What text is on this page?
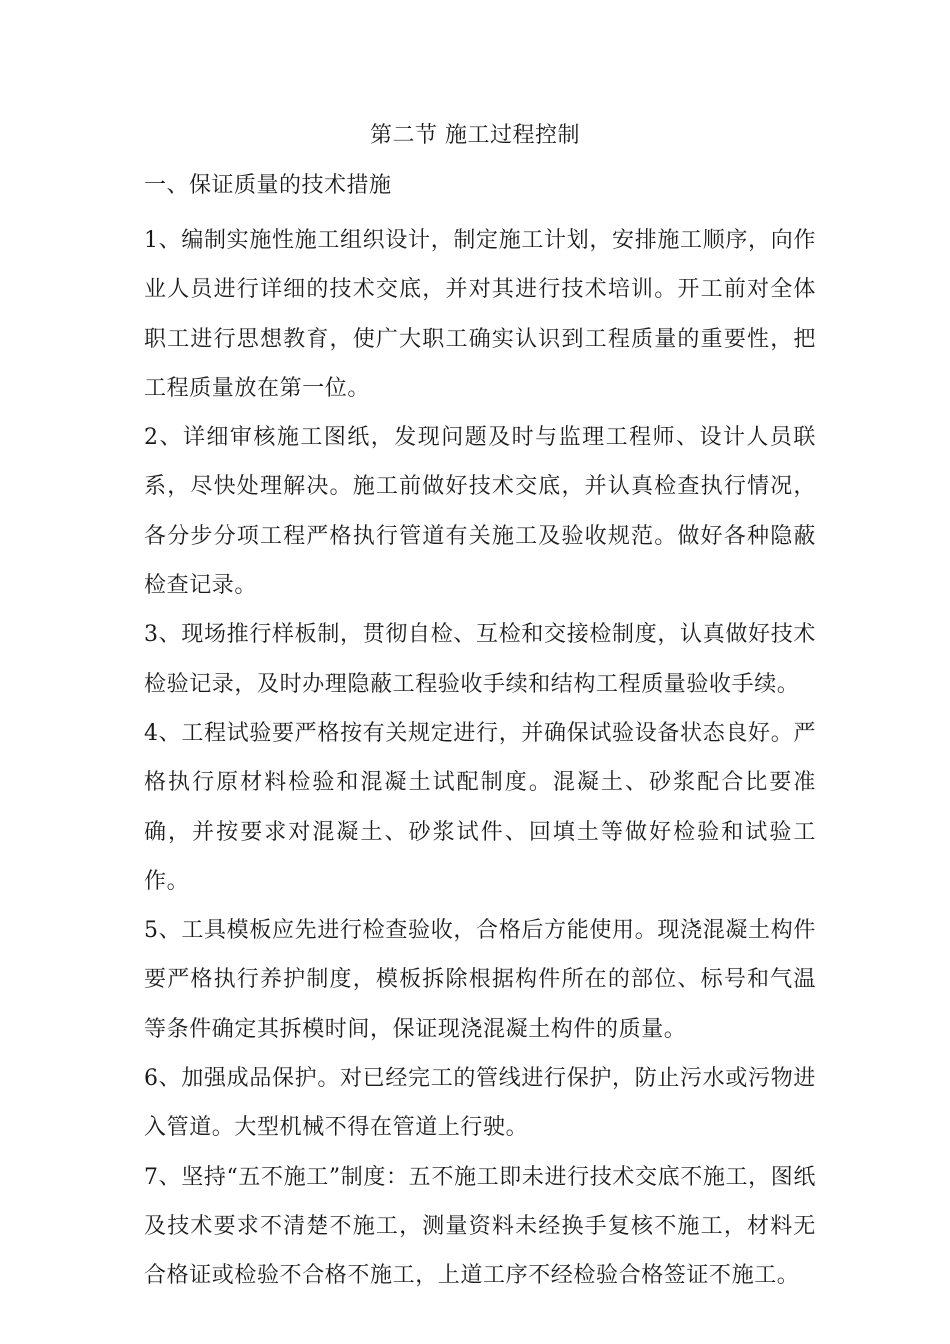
第二节 施工过程控制
一、保证质量的技术措施

1、编制实施性施工组织设计，制定施工计划，安排施工顺序，向作业人员进行详细的技术交底，并对其进行技术培训。开工前对全体职工进行思想教育，使广大职工确实认识到工程质量的重要性，把工程质量放在第一位。

2、详细审核施工图纸，发现问题及时与监理工程师、设计人员联系，尽快处理解决。施工前做好技术交底，并认真检查执行情况，各分步分项工程严格执行管道有关施工及验收规范。做好各种隐蔽检查记录。

3、现场推行样板制，贯彻自检、互检和交接检制度，认真做好技术检验记录，及时办理隐蔽工程验收手续和结构工程质量验收手续。

4、工程试验要严格按有关规定进行，并确保试验设备状态良好。严格执行原材料检验和混凝土试配制度。混凝土、砂浆配合比要准确，并按要求对混凝土、砂浆试件、回填土等做好检验和试验工作。

5、工具模板应先进行检查验收，合格后方能使用。现浇混凝土构件要严格执行养护制度，模板拆除根据构件所在的部位、标号和气温等条件确定其拆模时间，保证现浇混凝土构件的质量。

6、加强成品保护。对已经完工的管线进行保护，防止污水或污物进入管道。大型机械不得在管道上行驶。

7、坚持“五不施工”制度：五不施工即未进行技术交底不施工，图纸及技术要求不清楚不施工，测量资料未经换手复核不施工，材料无合格证或检验不合格不施工，上道工序不经检验合格签证不施工。
